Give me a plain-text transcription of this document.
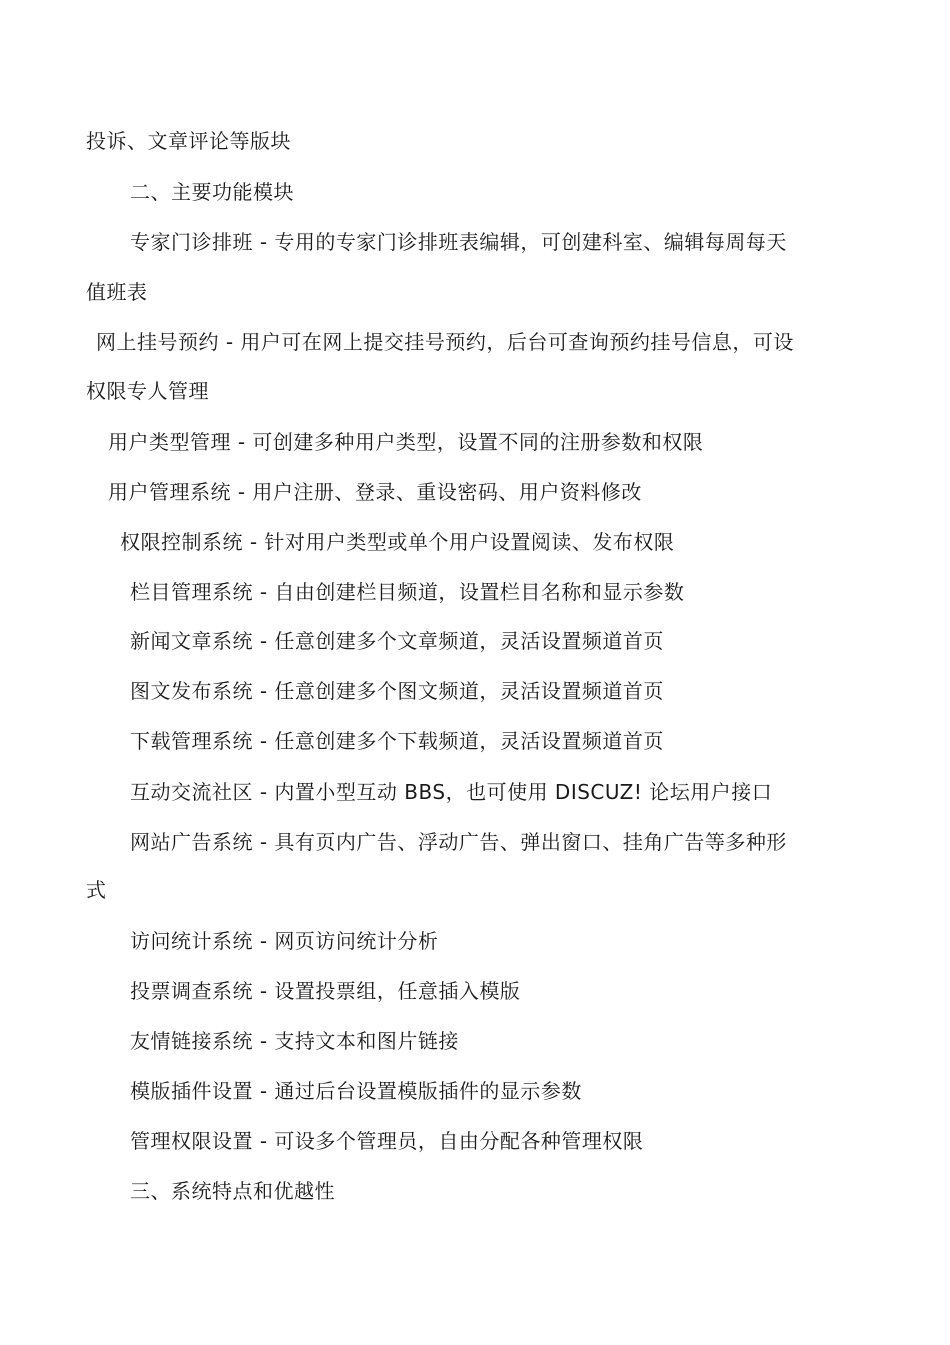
投诉、文章评论等版块
二、主要功能模块
专家门诊排班 - 专用的专家门诊排班表编辑，可创建科室、编辑每周每天
值班表
网上挂号预约 - 用户可在网上提交挂号预约，后台可查询预约挂号信息，可设
权限专人管理
用户类型管理 - 可创建多种用户类型，设置不同的注册参数和权限
用户管理系统 - 用户注册、登录、重设密码、用户资料修改
权限控制系统 - 针对用户类型或单个用户设置阅读、发布权限
栏目管理系统 - 自由创建栏目频道，设置栏目名称和显示参数
新闻文章系统 - 任意创建多个文章频道，灵活设置频道首页
图文发布系统 - 任意创建多个图文频道，灵活设置频道首页
下载管理系统 - 任意创建多个下载频道，灵活设置频道首页
互动交流社区 - 内置小型互动 BBS，也可使用 DISCUZ! 论坛用户接口
网站广告系统 - 具有页内广告、浮动广告、弹出窗口、挂角广告等多种形
式
访问统计系统 - 网页访问统计分析
投票调查系统 - 设置投票组，任意插入模版
友情链接系统 - 支持文本和图片链接
模版插件设置 - 通过后台设置模版插件的显示参数
管理权限设置 - 可设多个管理员，自由分配各种管理权限
三、系统特点和优越性
